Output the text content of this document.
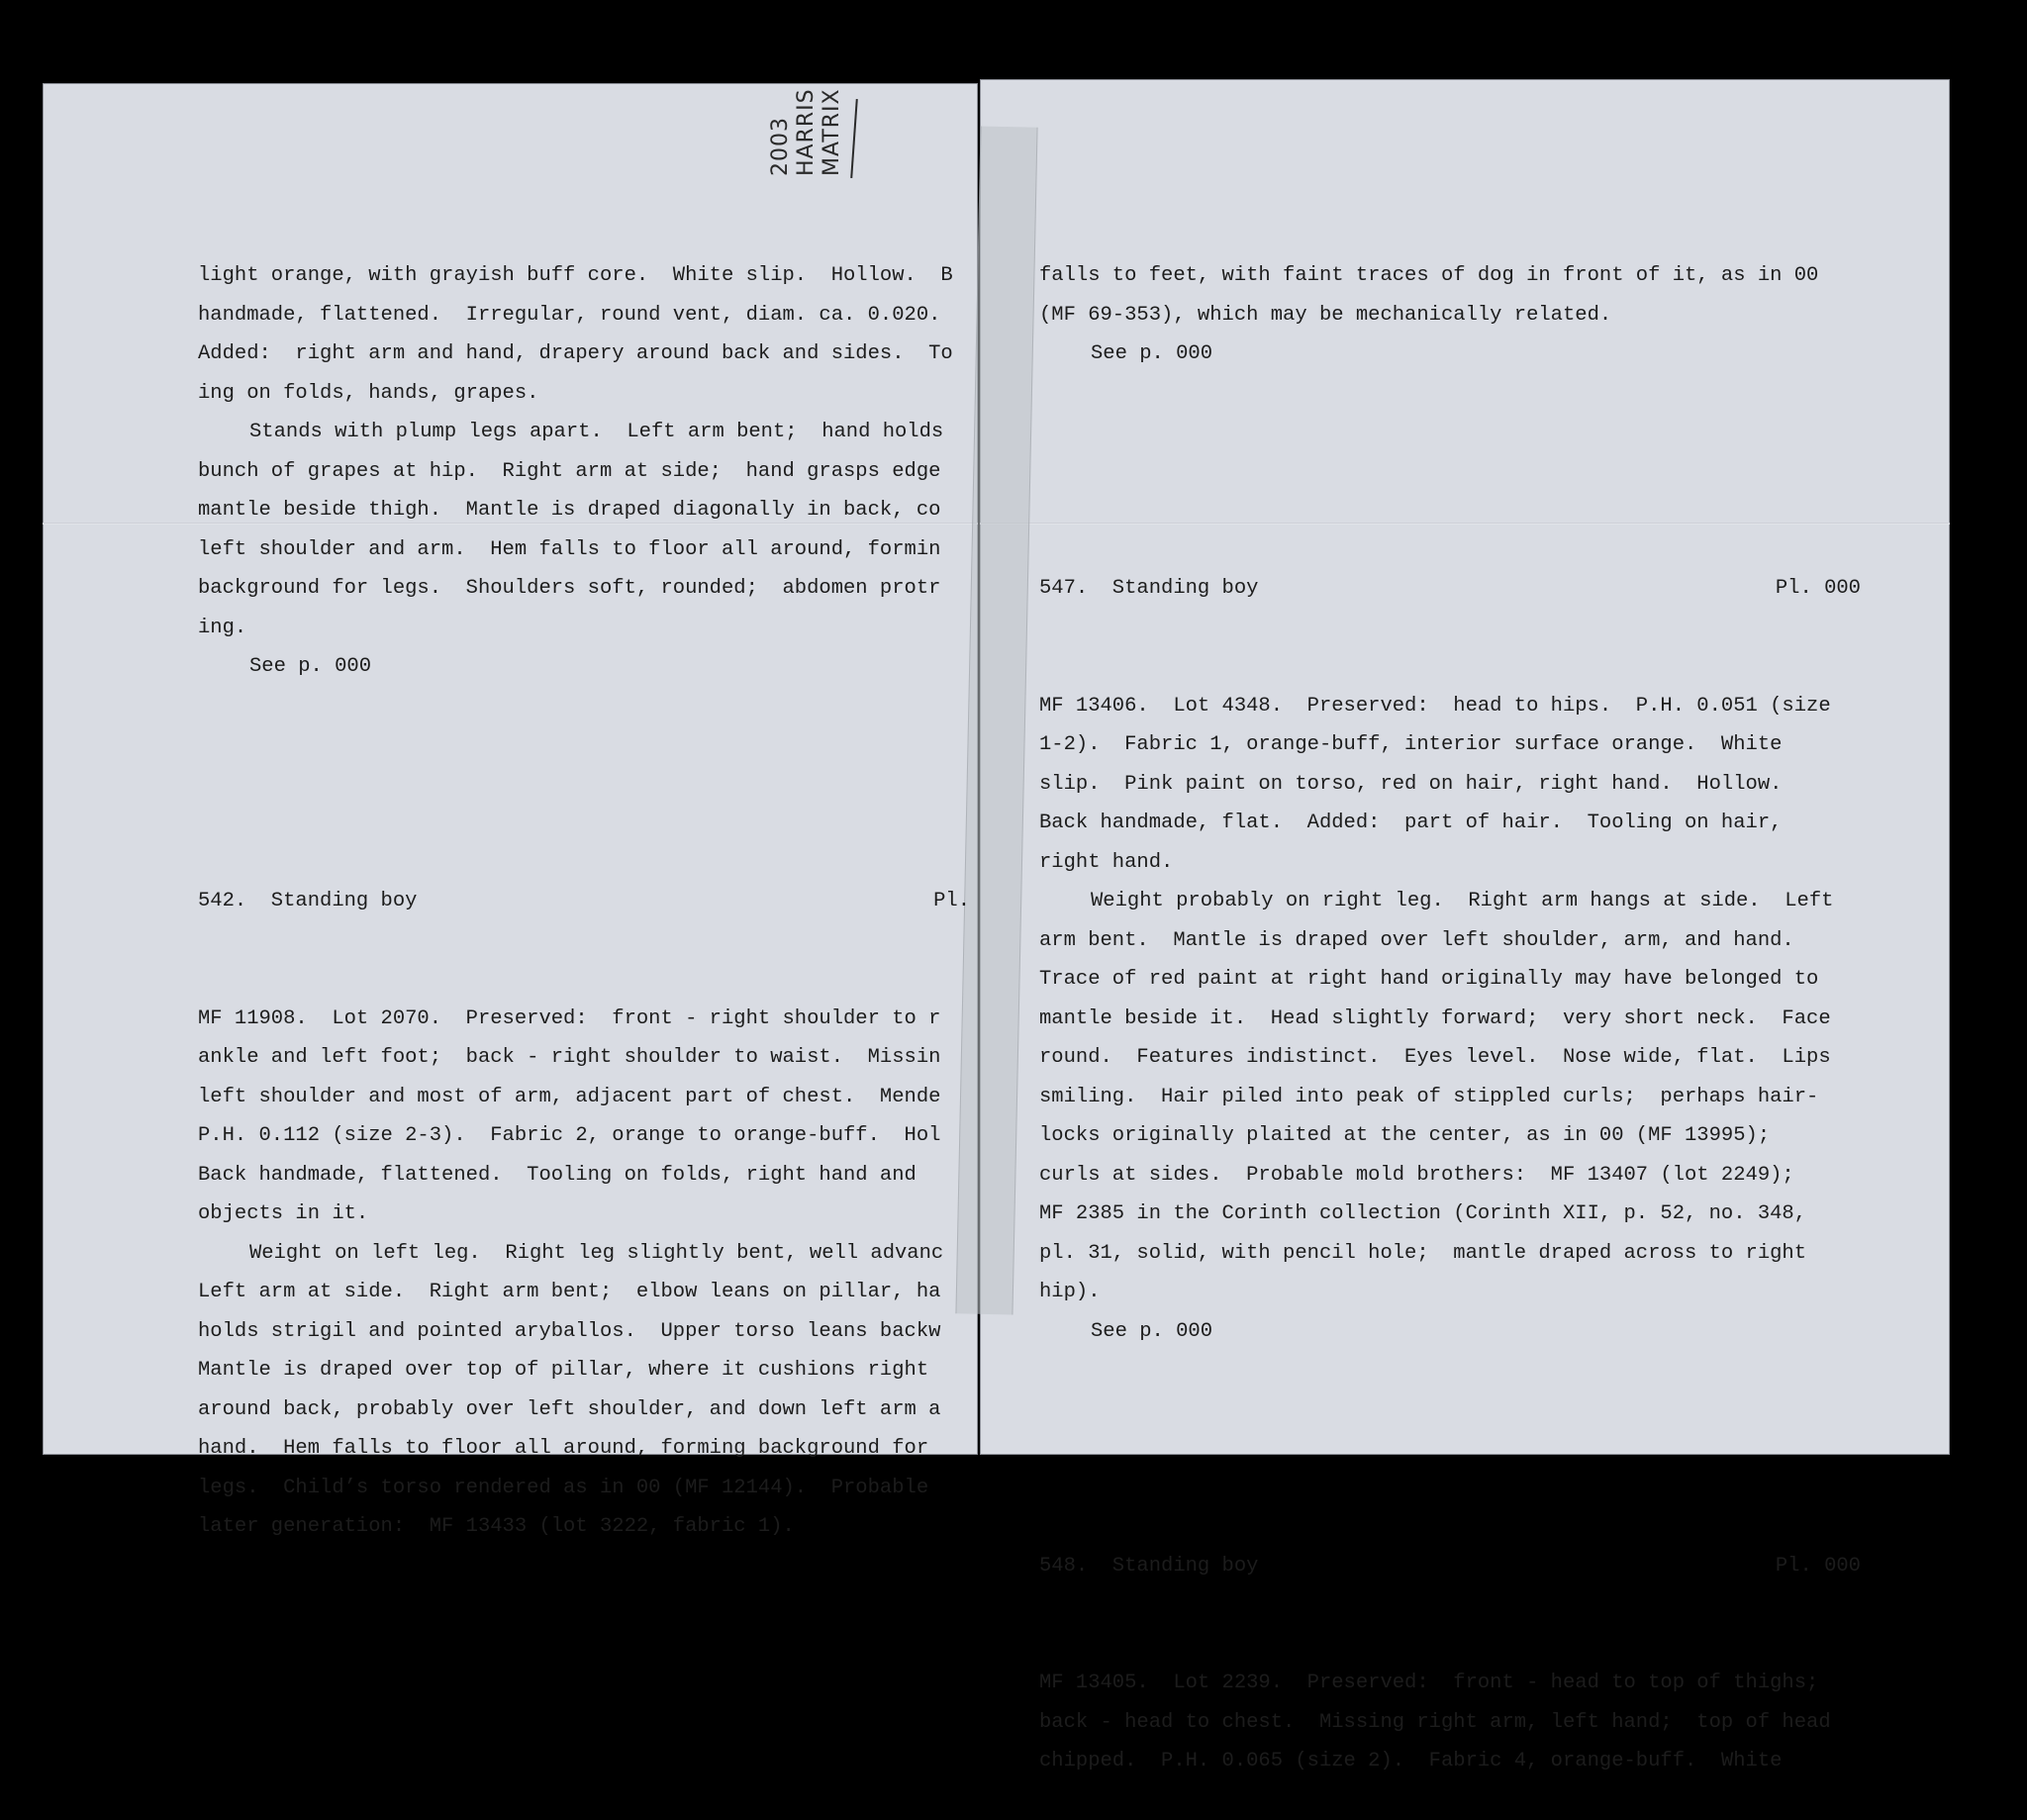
2003 HARRIS MATRIX

light orange, with grayish buff core.  White slip.  Hollow.  B
handmade, flattened.  Irregular, round vent, diam. ca. 0.020.
Added:  right arm and hand, drapery around back and sides.  To
ing on folds, hands, grapes.
Stands with plump legs apart.  Left arm bent;  hand holds
bunch of grapes at hip.  Right arm at side;  hand grasps edge
mantle beside thigh.  Mantle is draped diagonally in back, co
left shoulder and arm.  Hem falls to floor all around, formin
background for legs.  Shoulders soft, rounded;  abdomen protr
ing.
See p. 000

542.  Standing boy	Pl.

MF 11908.  Lot 2070.  Preserved:  front - right shoulder to r
ankle and left foot;  back - right shoulder to waist.  Missin
left shoulder and most of arm, adjacent part of chest.  Mende
P.H. 0.112 (size 2-3).  Fabric 2, orange to orange-buff.  Hol
Back handmade, flattened.  Tooling on folds, right hand and
objects in it.
Weight on left leg.  Right leg slightly bent, well advanc
Left arm at side.  Right arm bent;  elbow leans on pillar, ha
holds strigil and pointed aryballos.  Upper torso leans backw
Mantle is draped over top of pillar, where it cushions right
around back, probably over left shoulder, and down left arm a
hand.  Hem falls to floor all around, forming background for
legs.  Child’s torso rendered as in 00 (MF 12144).  Probable
later generation:  MF 13433 (lot 3222, fabric 1).

falls to feet, with faint traces of dog in front of it, as in 00
(MF 69-353), which may be mechanically related.
See p. 000

547.  Standing boy	Pl. 000

MF 13406.  Lot 4348.  Preserved:  head to hips.  P.H. 0.051 (size
1-2).  Fabric 1, orange-buff, interior surface orange.  White
slip.  Pink paint on torso, red on hair, right hand.  Hollow.
Back handmade, flat.  Added:  part of hair.  Tooling on hair,
right hand.
Weight probably on right leg.  Right arm hangs at side.  Left
arm bent.  Mantle is draped over left shoulder, arm, and hand.
Trace of red paint at right hand originally may have belonged to
mantle beside it.  Head slightly forward;  very short neck.  Face
round.  Features indistinct.  Eyes level.  Nose wide, flat.  Lips
smiling.  Hair piled into peak of stippled curls;  perhaps hair-
locks originally plaited at the center, as in 00 (MF 13995);
curls at sides.  Probable mold brothers:  MF 13407 (lot 2249);
MF 2385 in the Corinth collection (Corinth XII, p. 52, no. 348,
pl. 31, solid, with pencil hole;  mantle draped across to right
hip).
See p. 000

548.  Standing boy	Pl. 000

MF 13405.  Lot 2239.  Preserved:  front - head to top of thighs;
back - head to chest.  Missing right arm, left hand;  top of head
chipped.  P.H. 0.065 (size 2).  Fabric 4, orange-buff.  White
